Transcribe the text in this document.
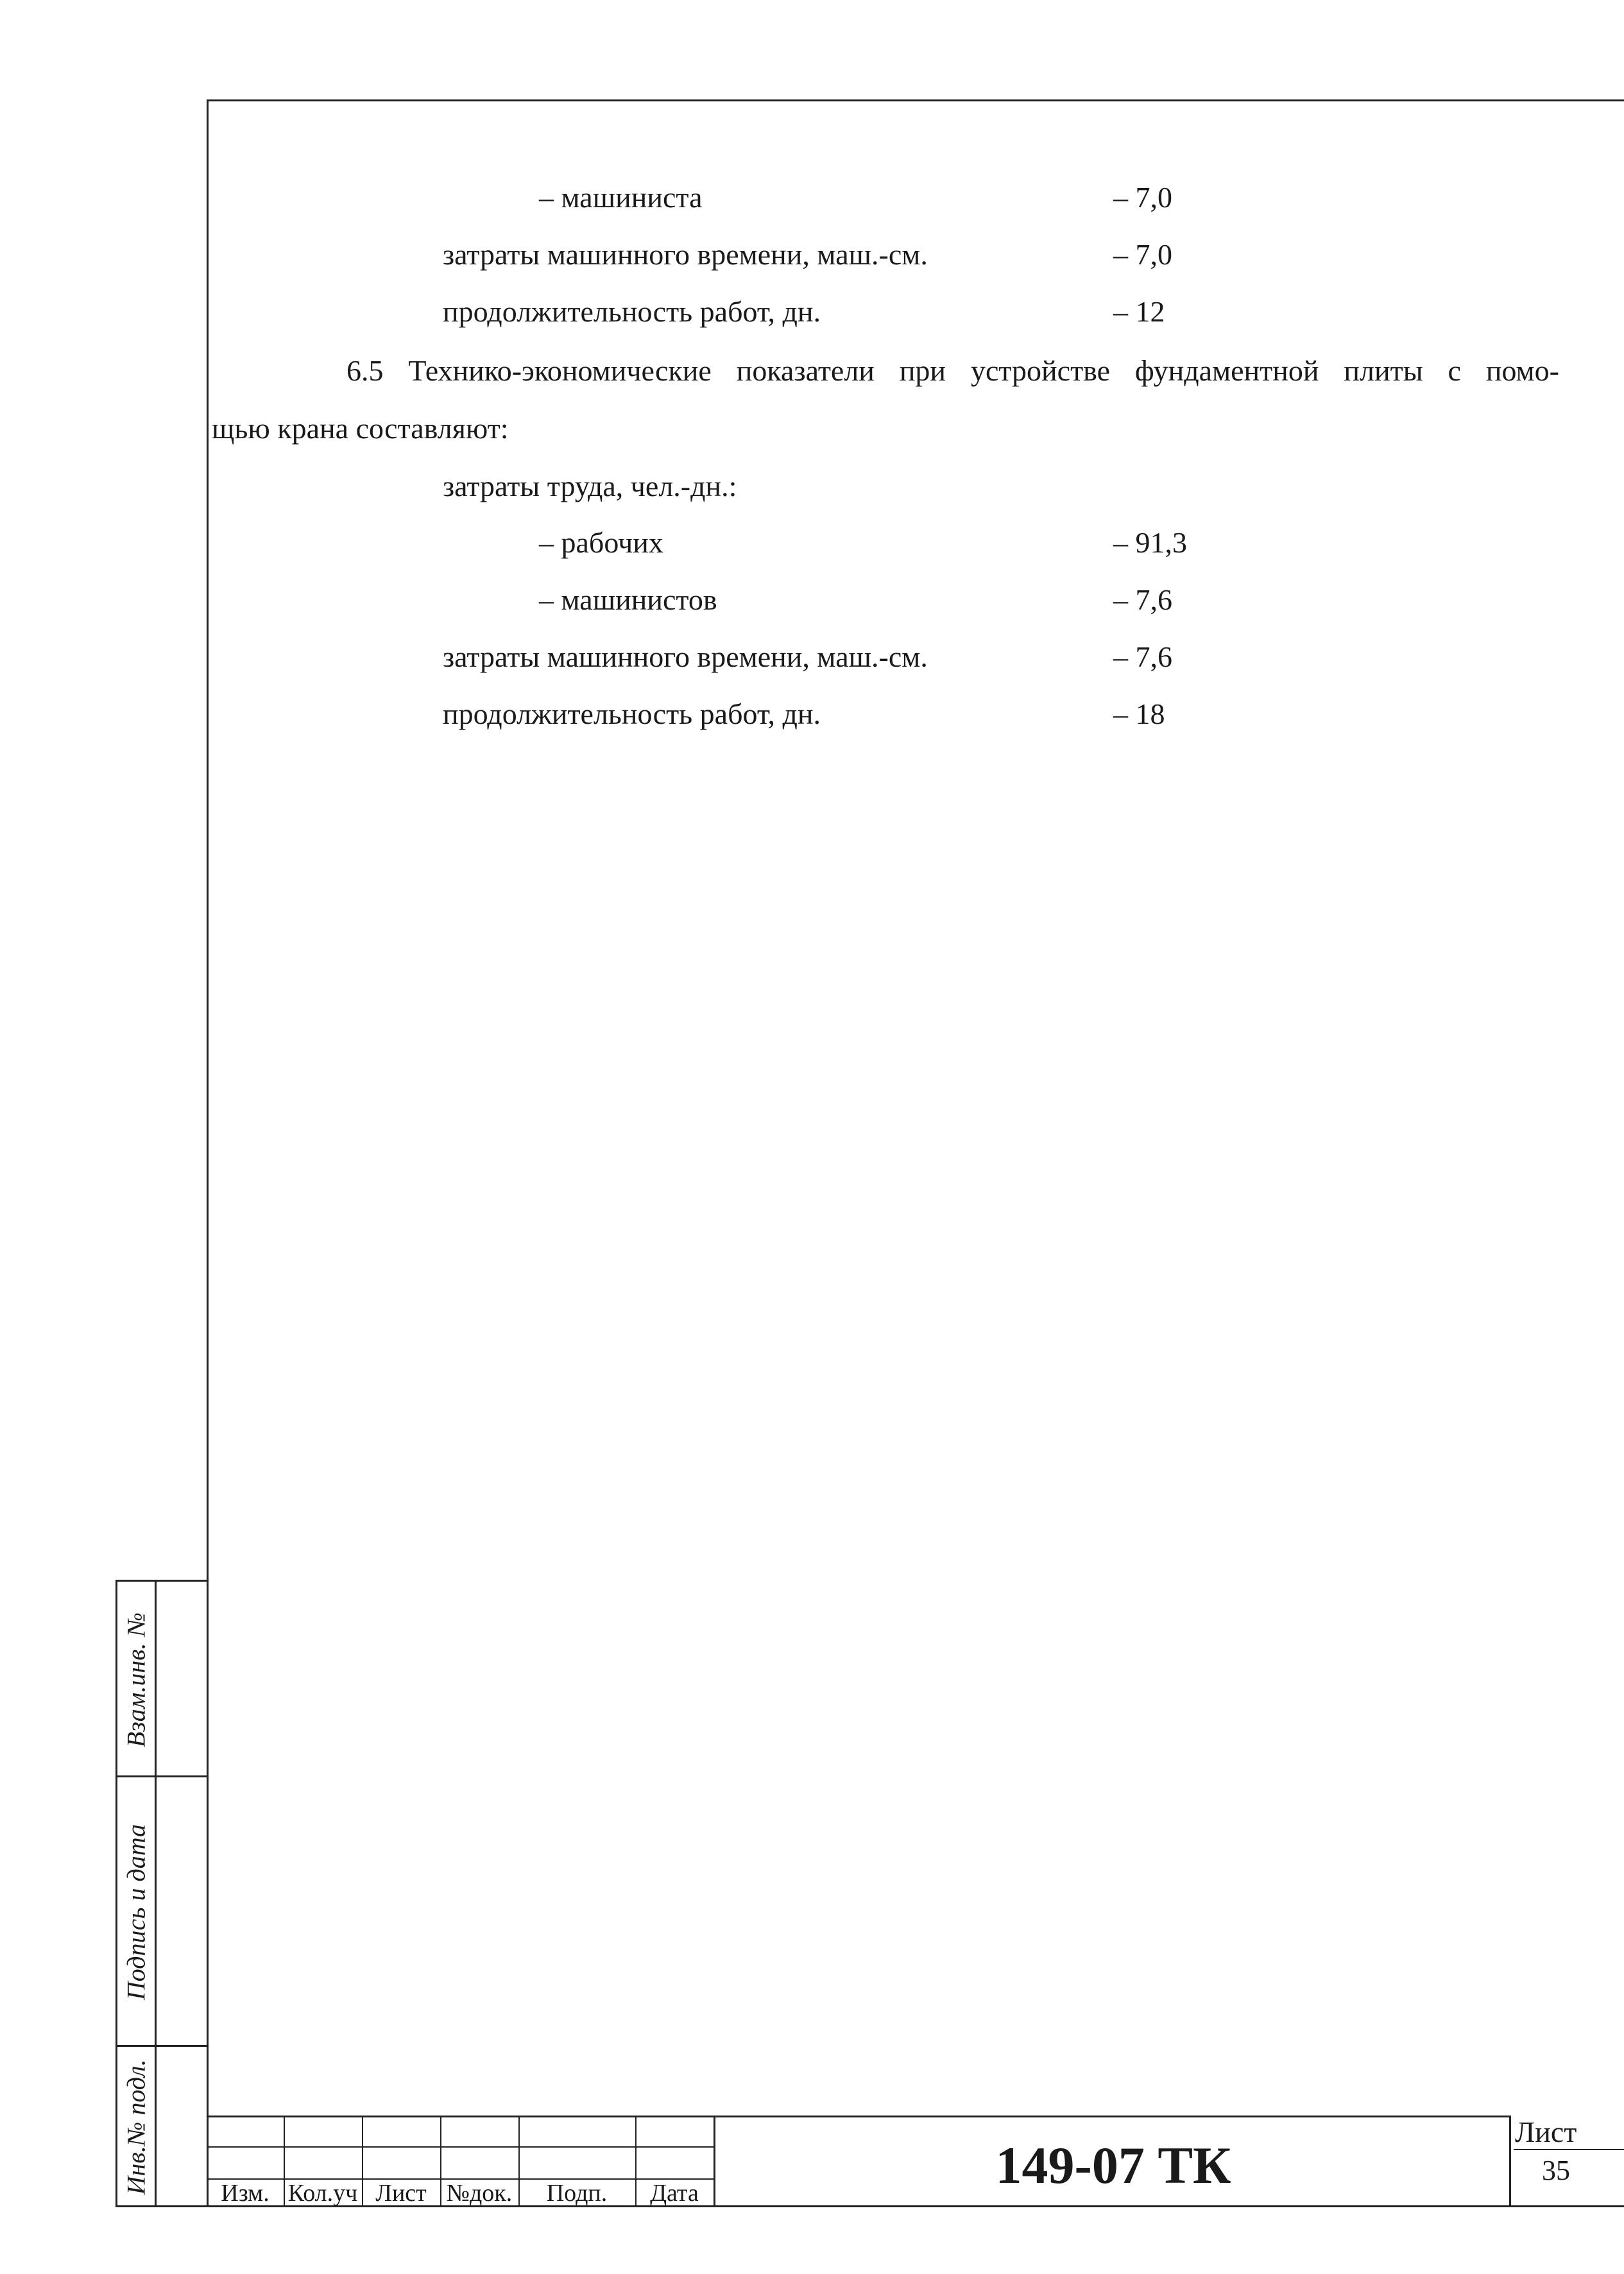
– машиниста	– 7,0
затраты машинного времени, маш.-см.	– 7,0
продолжительность работ, дн.	– 12
6.5 Технико-экономические показатели при устройстве фундаментной плиты с помо-
щью крана составляют:
затраты труда, чел.-дн.:
– рабочих	– 91,3
– машинистов	– 7,6
затраты машинного времени, маш.-см.	– 7,6
продолжительность работ, дн.	– 18
Взам.инв. №
Подпись и дата
Инв.№ подл.	Изм. Кол.уч Лист №док.	Подп.	Дата	149-07 ТК
Лист
35
